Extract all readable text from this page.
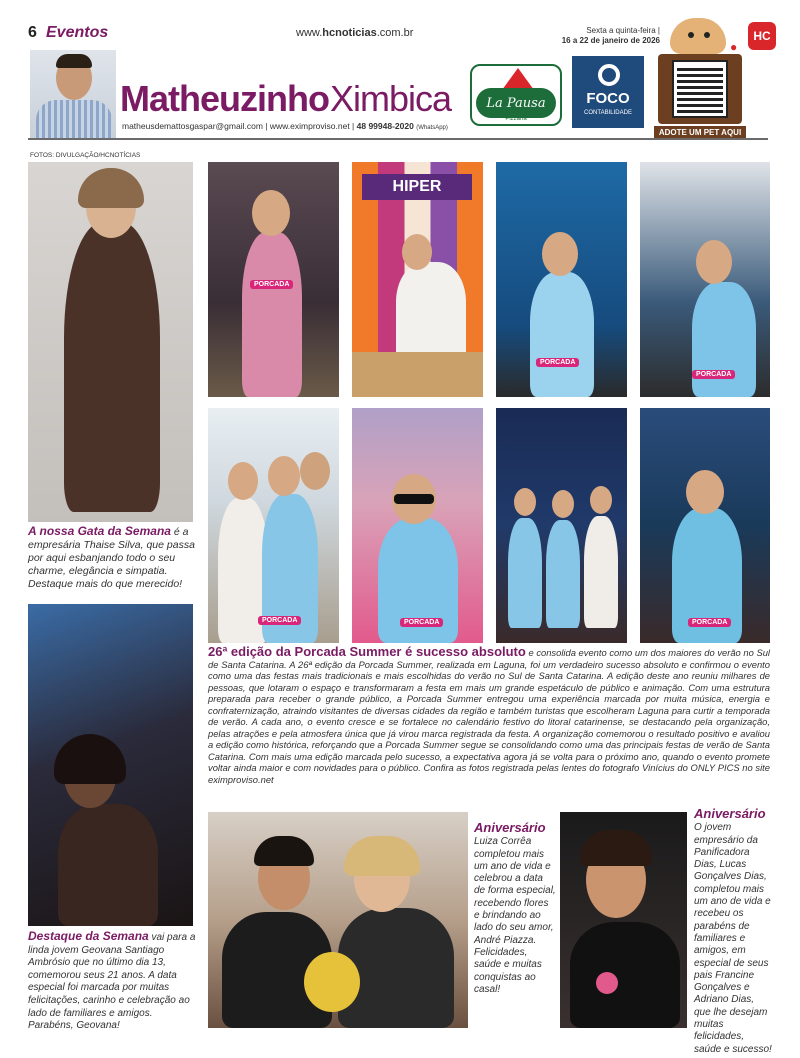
6 Eventos	www.hcnoticias.com.br	Sexta a quinta-feira |
16 a 22 de janeiro de 2026	HC
Matheuzinho Ximbica
matheusdemattosgaspar@gmail.com | www.eximproviso.net | 48 99948-2020 (WhatsApp)
La Pausa
Pizzaria
FOCO
CONTABILIDADE
●
ADOTE UM PET AQUI
FOTOS: DIVULGAÇÃO/HCNOTÍCIAS
PORCADA
HIPER
PORCADA
PORCADA
PORCADA	PORCADA	PORCADA
A nossa Gata da Semana é a empresária Thaise Silva, que passa por aqui esbanjando todo o seu charme, elegância e simpatia. Destaque mais do que merecido!
26ª edição da Porcada Summer é sucesso absoluto e consolida evento como um dos maiores do verão no Sul de Santa Catarina. A 26ª edição da Porcada Summer, realizada em Laguna, foi um verdadeiro sucesso absoluto e confirmou o evento como uma das festas mais tradicionais e mais escolhidas do verão no Sul de Santa Catarina. A edição deste ano reuniu milhares de pessoas, que lotaram o espaço e transformaram a festa em mais um grande espetáculo de público e animação. Com uma estrutura preparada para receber o grande público, a Porcada Summer entregou uma experiência marcada por muita música, energia e confraternização, atraindo visitantes de diversas cidades da região e também turistas que escolheram Laguna para curtir a temporada de verão. A cada ano, o evento cresce e se fortalece no calendário festivo do litoral catarinense, se destacando pela organização, pelas atrações e pela atmosfera única que já virou marca registrada da festa. A organização comemorou o resultado positivo e avaliou a edição como histórica, reforçando que a Porcada Summer segue se consolidando como uma das principais festas de verão de Santa Catarina. Com mais uma edição marcada pelo sucesso, a expectativa agora já se volta para o próximo ano, quando o evento promete voltar ainda maior e com novidades para o público. Confira as fotos registrada pelas lentes do fotografo Vinícius do ONLY PICS no site eximproviso.net
Destaque da Semana vai para a linda jovem Geovana Santiago Ambrósio que no último dia 13, comemorou seus 21 anos. A data especial foi marcada por muitas felicitações, carinho e celebração ao lado de familiares e amigos. Parabéns, Geovana!
Aniversário
Luiza Corrêa completou mais um ano de vida e celebrou a data de forma especial, recebendo flores e brindando ao lado do seu amor, André Piazza. Felicidades, saúde e muitas conquistas ao casal!
Aniversário
O jovem empresário da Panificadora Dias, Lucas Gonçalves Dias, completou mais um ano de vida e recebeu os parabéns de familiares e amigos, em especial de seus pais Francine Gonçalves e Adriano Dias, que lhe desejam muitas felicidades, saúde e sucesso!
